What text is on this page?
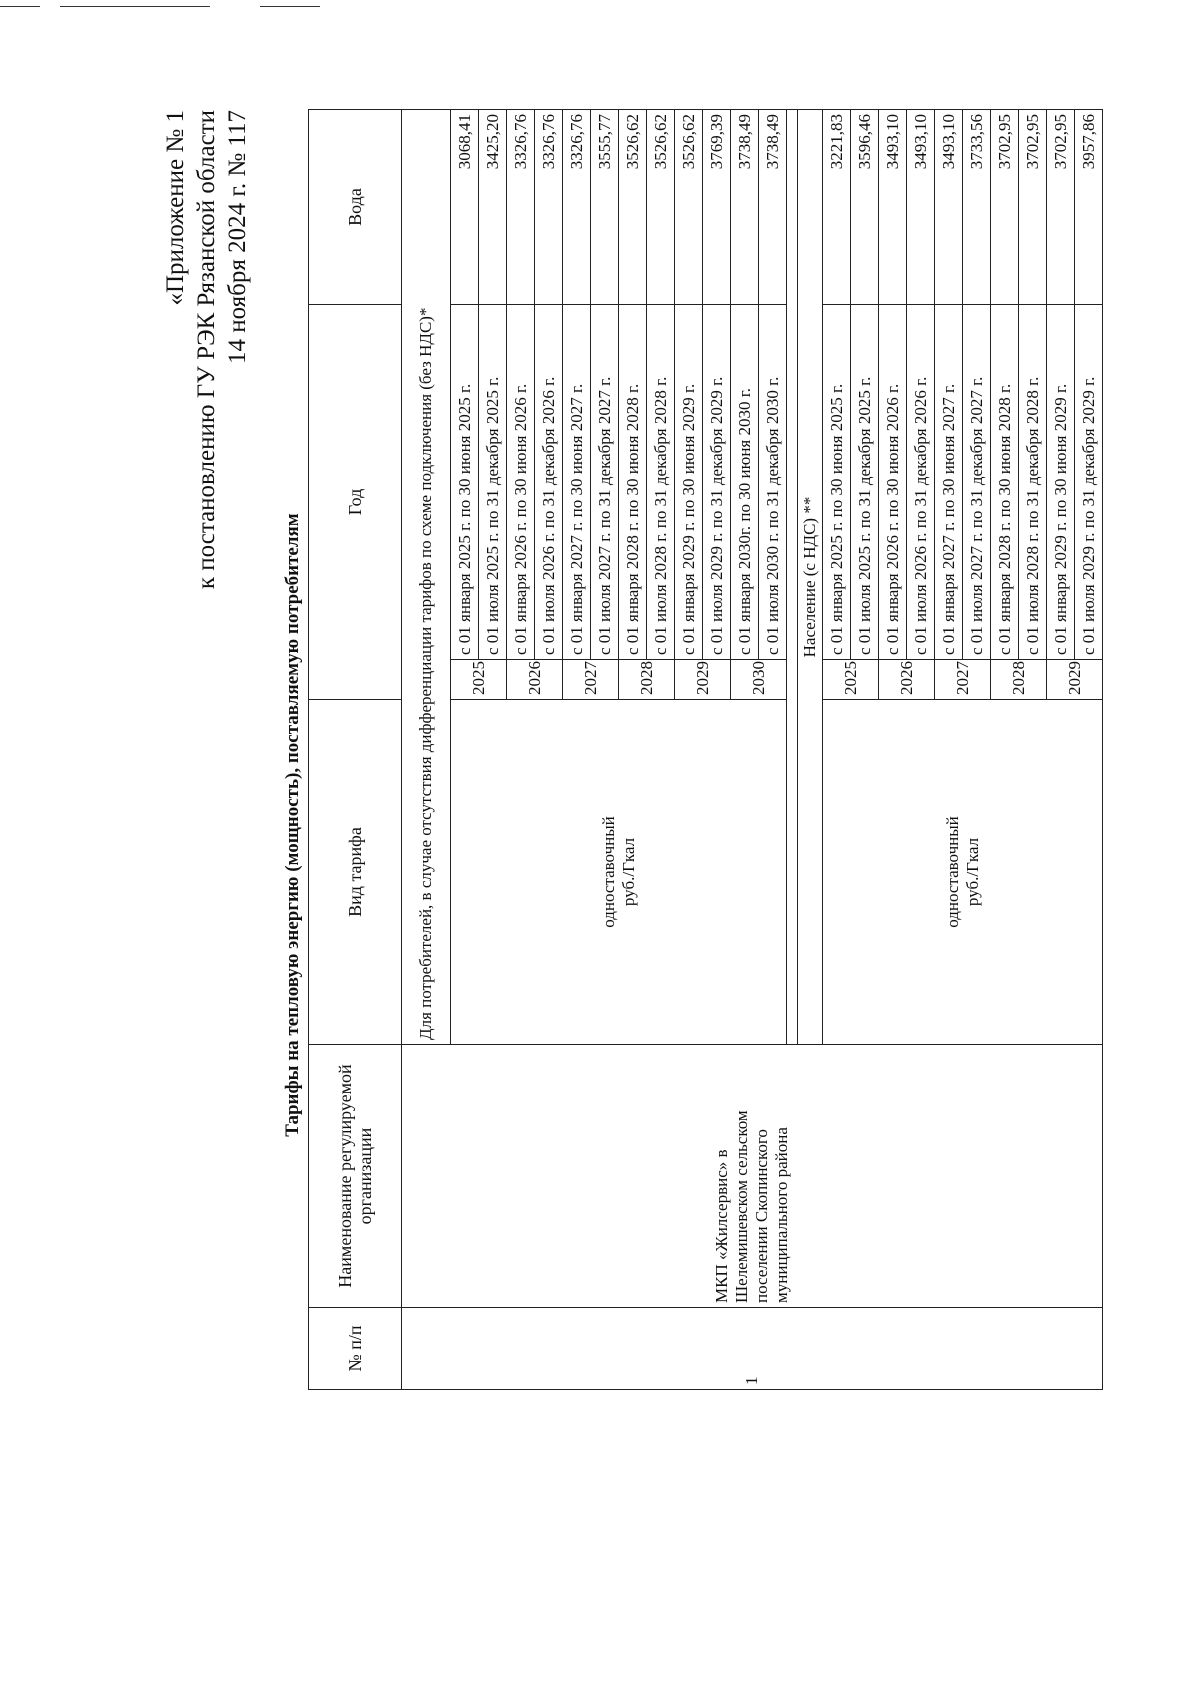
«Приложение № 1 к постановлению ГУ РЭК Рязанской области 14 ноября 2024 г. № 117
Тарифы на тепловую энергию (мощность), поставляемую потребителям
№ п/п	Наименование регулируемой организации	Вид тарифа	Год		Вода
1	МКП «Жилсервис» в Шелемишевском сельском поселении Скопинского муниципального района	Для потребителей, в случае отсутствия дифференциации тарифов по схеме подключения (без НДС)*			

		одноставочный руб./Гкал	2025	с 01 января 2025 г. по 30 июня 2025 г.	3068,41
				с 01 июля 2025 г. по 31 декабря 2025 г.	3425,20
			2026	с 01 января 2026 г. по 30 июня 2026 г.	3326,76
				с 01 июля 2026 г. по 31 декабря 2026 г.	3326,76
			2027	с 01 января 2027 г. по 30 июня 2027 г.	3326,76
				с 01 июля 2027 г. по 31 декабря 2027 г.	3555,77
			2028	с 01 января 2028 г. по 30 июня 2028 г.	3526,62
				с 01 июля 2028 г. по 31 декабря 2028 г.	3526,62
			2029	с 01 января 2029 г. по 30 июня 2029 г.	3526,62
				с 01 июля 2029 г. по 31 декабря 2029 г.	3769,39
			2030	с 01 января 2030г. по 30 июня 2030 г.	3738,49
				с 01 июля 2030 г. по 31 декабря 2030 г.	3738,49

		Население (с НДС) **			

		одноставочный руб./Гкал	2025	с 01 января 2025 г. по 30 июня 2025 г.	3221,83
				с 01 июля 2025 г. по 31 декабря 2025 г.	3596,46
			2026	с 01 января 2026 г. по 30 июня 2026 г.	3493,10
				с 01 июля 2026 г. по 31 декабря 2026 г.	3493,10
			2027	с 01 января 2027 г. по 30 июня 2027 г.	3493,10
				с 01 июля 2027 г. по 31 декабря 2027 г.	3733,56
			2028	с 01 января 2028 г. по 30 июня 2028 г.	3702,95
				с 01 июля 2028 г. по 31 декабря 2028 г.	3702,95
			2029	с 01 января 2029 г. по 30 июня 2029 г.	3702,95
				с 01 июля 2029 г. по 31 декабря 2029 г.	3957,86
